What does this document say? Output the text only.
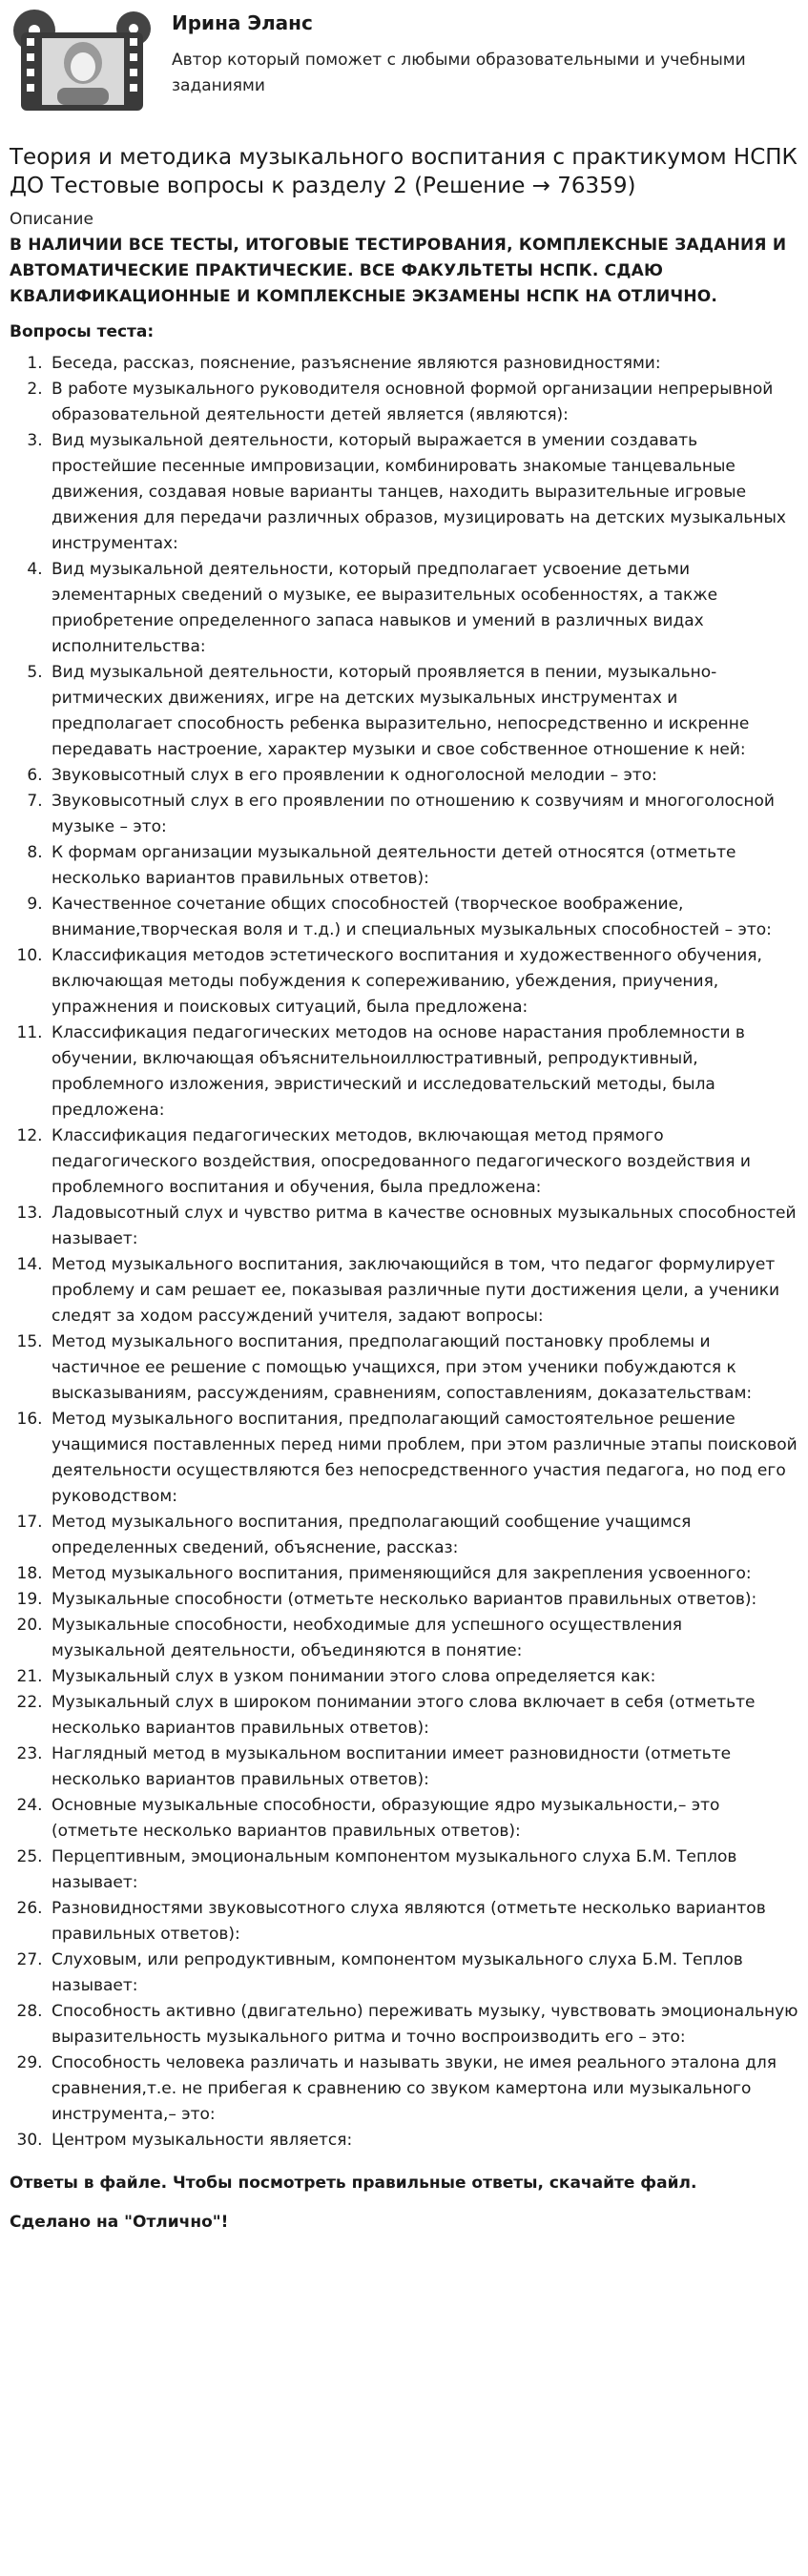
Ирина Эланс
Автор который поможет с любыми образовательными и учебными заданиями
Теория и методика музыкального воспитания с практикумом НСПК ДО Тестовые вопросы к разделу 2 (Решение → 76359)
Описание
В НАЛИЧИИ ВСЕ ТЕСТЫ, ИТОГОВЫЕ ТЕСТИРОВАНИЯ, КОМПЛЕКСНЫЕ ЗАДАНИЯ И АВТОМАТИЧЕСКИЕ ПРАКТИЧЕСКИЕ. ВСЕ ФАКУЛЬТЕТЫ НСПК. СДАЮ КВАЛИФИКАЦИОННЫЕ И КОМПЛЕКСНЫЕ ЭКЗАМЕНЫ НСПК НА ОТЛИЧНО.
Вопросы теста:
1. Беседа, рассказ, пояснение, разъяснение являются разновидностями:
2. В работе музыкального руководителя основной формой организации непрерывной образовательной деятельности детей является (являются):
3. Вид музыкальной деятельности, который выражается в умении создавать простейшие песенные импровизации, комбинировать знакомые танцевальные движения, создавая новые варианты танцев, находить выразительные игровые движения для передачи различных образов, музицировать на детских музыкальных инструментах:
4. Вид музыкальной деятельности, который предполагает усвоение детьми элементарных сведений о музыке, ее выразительных особенностях, а также приобретение определенного запаса навыков и умений в различных видах исполнительства:
5. Вид музыкальной деятельности, который проявляется в пении, музыкально-ритмических движениях, игре на детских музыкальных инструментах и предполагает способность ребенка выразительно, непосредственно и искренне передавать настроение, характер музыки и свое собственное отношение к ней:
6. Звуковысотный слух в его проявлении к одноголосной мелодии – это:
7. Звуковысотный слух в его проявлении по отношению к созвучиям и многоголосной музыке – это:
8. К формам организации музыкальной деятельности детей относятся (отметьте несколько вариантов правильных ответов):
9. Качественное сочетание общих способностей (творческое воображение, внимание,творческая воля и т.д.) и специальных музыкальных способностей – это:
10. Классификация методов эстетического воспитания и художественного обучения, включающая методы побуждения к сопереживанию, убеждения, приучения, упражнения и поисковых ситуаций, была предложена:
11. Классификация педагогических методов на основе нарастания проблемности в обучении, включающая объяснительноиллюстративный, репродуктивный, проблемного изложения, эвристический и исследовательский методы, была предложена:
12. Классификация педагогических методов, включающая метод прямого педагогического воздействия, опосредованного педагогического воздействия и проблемного воспитания и обучения, была предложена:
13. Ладовысотный слух и чувство ритма в качестве основных музыкальных способностей называет:
14. Метод музыкального воспитания, заключающийся в том, что педагог формулирует проблему и сам решает ее, показывая различные пути достижения цели, а ученики следят за ходом рассуждений учителя, задают вопросы:
15. Метод музыкального воспитания, предполагающий постановку проблемы и частичное ее решение с помощью учащихся, при этом ученики побуждаются к высказываниям, рассуждениям, сравнениям, сопоставлениям, доказательствам:
16. Метод музыкального воспитания, предполагающий самостоятельное решение учащимися поставленных перед ними проблем, при этом различные этапы поисковой деятельности осуществляются без непосредственного участия педагога, но под его руководством:
17. Метод музыкального воспитания, предполагающий сообщение учащимся определенных сведений, объяснение, рассказ:
18. Метод музыкального воспитания, применяющийся для закрепления усвоенного:
19. Музыкальные способности (отметьте несколько вариантов правильных ответов):
20. Музыкальные способности, необходимые для успешного осуществления музыкальной деятельности, объединяются в понятие:
21. Музыкальный слух в узком понимании этого слова определяется как:
22. Музыкальный слух в широком понимании этого слова включает в себя (отметьте несколько вариантов правильных ответов):
23. Наглядный метод в музыкальном воспитании имеет разновидности (отметьте несколько вариантов правильных ответов):
24. Основные музыкальные способности, образующие ядро музыкальности,– это (отметьте несколько вариантов правильных ответов):
25. Перцептивным, эмоциональным компонентом музыкального слуха Б.М. Теплов называет:
26. Разновидностями звуковысотного слуха являются (отметьте несколько вариантов правильных ответов):
27. Слуховым, или репродуктивным, компонентом музыкального слуха Б.М. Теплов называет:
28. Способность активно (двигательно) переживать музыку, чувствовать эмоциональную выразительность музыкального ритма и точно воспроизводить его – это:
29. Способность человека различать и называть звуки, не имея реального эталона для сравнения,т.е. не прибегая к сравнению со звуком камертона или музыкального инструмента,– это:
30. Центром музыкальности является:
Ответы в файле. Чтобы посмотреть правильные ответы, скачайте файл.
Сделано на "Отлично"!
